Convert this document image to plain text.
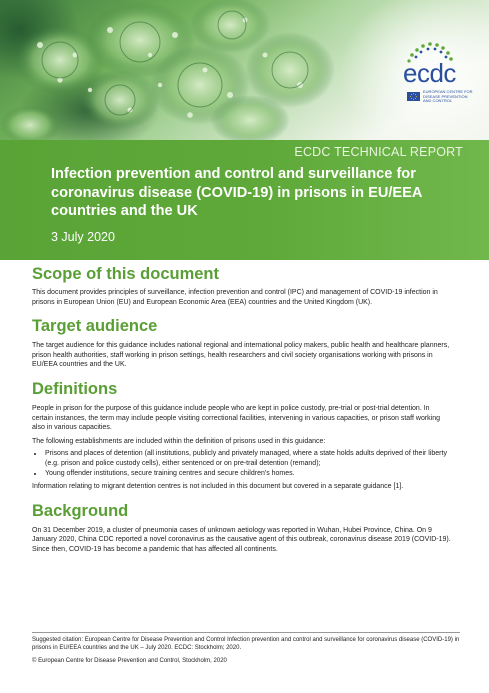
ecdc
EUROPEAN CENTRE FOR
DISEASE PREVENTION
AND CONTROL
ECDC TECHNICAL REPORT
Infection prevention and control and surveillance for coronavirus disease (COVID-19) in prisons in EU/EEA countries and the UK
3 July 2020
Scope of this document

This document provides principles of surveillance, infection prevention and control (IPC) and management of COVID-19 infection in prisons in European Union (EU) and European Economic Area (EEA) countries and the United Kingdom (UK).

Target audience

The target audience for this guidance includes national regional and international policy makers, public health and healthcare planners, prison health authorities, staff working in prison settings, health researchers and civil society organisations working with prisons in EU/EEA countries and the UK.

Definitions

People in prison for the purpose of this guidance include people who are kept in police custody, pre-trial or post-trial detention. In certain instances, the term may include people visiting correctional facilities, intervening in various capacities, or prison staff working also in various capacities.

The following establishments are included within the definition of prisons used in this guidance:

• Prisons and places of detention (all institutions, publicly and privately managed, where a state holds adults deprived of their liberty (e.g. prison and police custody cells), either sentenced or on pre-trail detention (remand);
• Young offender institutions, secure training centres and secure children's homes.

Information relating to migrant detention centres is not included in this document but covered in a separate guidance [1].

Background

On 31 December 2019, a cluster of pneumonia cases of unknown aetiology was reported in Wuhan, Hubei Province, China. On 9 January 2020, China CDC reported a novel coronavirus as the causative agent of this outbreak, coronavirus disease 2019 (COVID-19). Since then, COVID-19 has become a pandemic that has affected all continents.

Suggested citation: European Centre for Disease Prevention and Control Infection prevention and control and surveillance for coronavirus disease (COVID-19) in prisons in EU/EEA countries and the UK – July 2020. ECDC: Stockholm; 2020.

© European Centre for Disease Prevention and Control, Stockholm, 2020
